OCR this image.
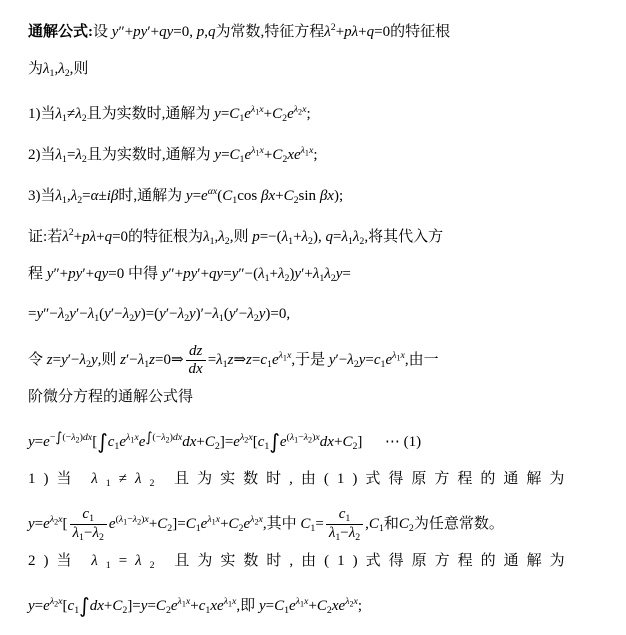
通解公式:设 y″+py′+qy=0, p,q为常数,特征方程$\lambda^2+p\lambda+q=0$的特征根
为$\lambda_1,\lambda_2$,则
1)当$\lambda_1\ne\lambda_2$且为实数时,通解为 $y=C_1e^{\lambda_1x}+C_2e^{\lambda_2x}$;
2)当$\lambda_1=\lambda_2$且为实数时,通解为 $y=C_1e^{\lambda_1x}+C_2xe^{\lambda_1x}$;
3)当$\lambda_1,\lambda_2=\alpha\pm i\beta$时,通解为 $y=e^{\alpha x}(C_1\cos$ $\beta x+C_2\sin$ βx);
证:若$\lambda^2+p\lambda+q=0$的特征根为$\lambda_1,\lambda_2$,则 $p=-(\lambda_1+\lambda_2)$, $q=\lambda_1\lambda_2$,将其代入方
程 y″+py′+qy=0 中得 $y''+py'+qy=y''-(\lambda_1+\lambda_2)y'+\lambda_1\lambda_2y=$
$=y''-\lambda_2y'-\lambda_1(y'-\lambda_2y)=(y'-\lambda_2y)'-\lambda_1(y'-\lambda_2y)=0$,
令 $z=y'-\lambda_2y$,则 $z'-\lambda_1z=0\Rightarrow \frac{dz}{dx}$ $=\lambda_1z\Rightarrow z=c_1e^{\lambda_1x}$,于是 $y'-\lambda_2y=c_1e^{\lambda_1x}$,由一
阶微分方程的通解公式得
$y=e^{-\int(-\lambda_2)dx}[\int c_1e^{\lambda_1x}e^{\int(-\lambda_2)dx}dx+C_2]=e^{\lambda_2x}[c_1\int e^{(\lambda_1-\lambda_2)x}dx+C_2]$      ⋯ (1)
1)当 $\lambda_1\ne\lambda_2$ 且为实数时,由(1)式得原方程的通解为
$y=e^{\lambda_2x}[ \frac{c_1}{\lambda_1-\lambda_2} e^{(\lambda_1-\lambda_2)x}+C_2]=C_1e^{\lambda_1x}+C_2e^{\lambda_2x}$,其中 $C_1= \frac{c_1}{\lambda_1-\lambda_2} ,C_1$和$C_2$为任意常数。
2)当 $\lambda_1=\lambda_2$ 且为实数时,由(1)式得原方程的通解为
$y=e^{\lambda_2x}[c_1\int dx+C_2]=y=C_2e^{\lambda_1x}+c_1xe^{\lambda_1x}$,即 $y=C_1e^{\lambda_1x}+C_2xe^{\lambda_2x}$;
